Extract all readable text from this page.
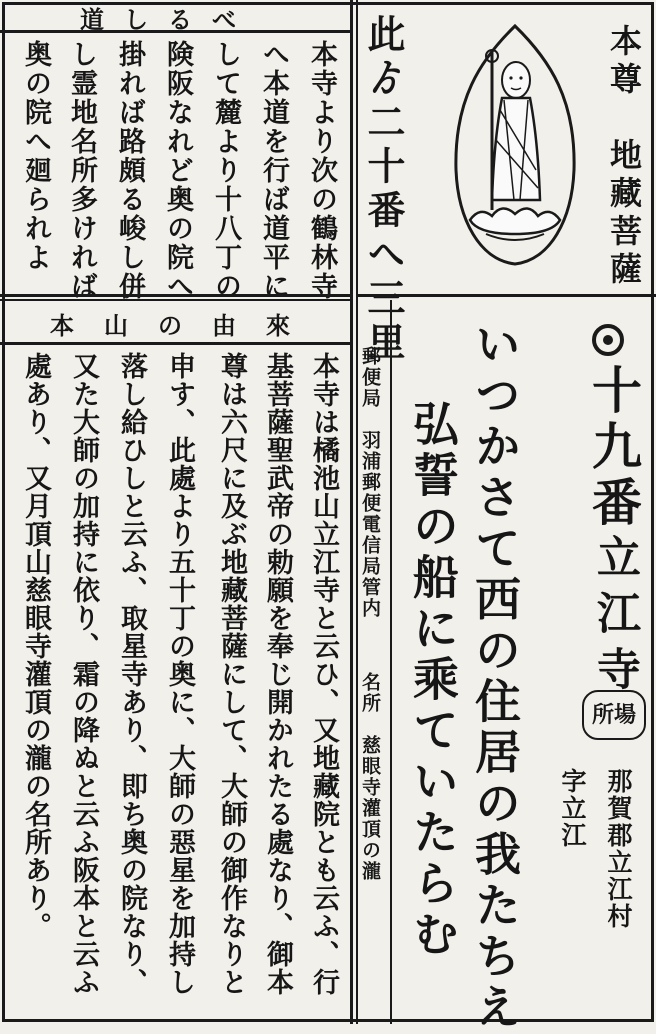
道しるべ
本寺より次の鶴林寺
へ本道を行ば道平に
して麓より十八丁の
険阪なれど奥の院へ
掛れば路頗る峻し併
し霊地名所多ければ
奥の院へ廻られよ
本山の由來
本寺は橘池山立江寺と云ひ、又地藏院とも云ふ、行
基菩薩聖武帝の勅願を奉じ開かれたる處なり、御本
尊は六尺に及ぶ地藏菩薩にして、大師の御作なりと
申す、此處より五十丁の奥に、大師の惡星を加持し
落し給ひしと云ふ、取星寺あり、即ち奥の院なり、
又た大師の加持に依り、霜の降ぬと云ふ阪本と云ふ
處あり、又月頂山慈眼寺灌頂の瀧の名所あり。
此ゟ二十番へ三里	本尊　地藏菩薩
郵便局　羽浦郵便電信局管内
名所　慈眼寺灌頂の瀧 いつかさて西の住居の我たちえ
弘誓の船に乘ていたらむ 十九番
立江寺
所場
那賀郡立江村
字立江
